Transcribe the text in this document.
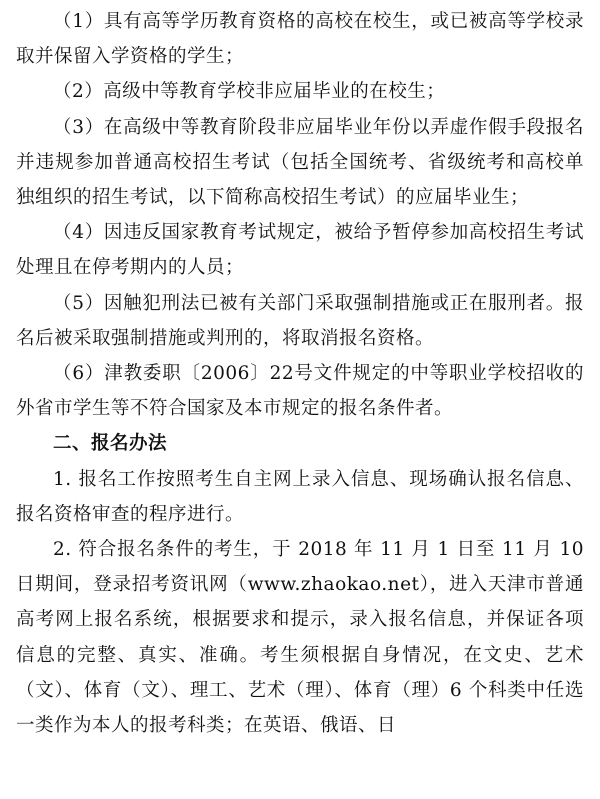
（1）具有高等学历教育资格的高校在校生，或已被高等学校录取并保留入学资格的学生；

（2）高级中等教育学校非应届毕业的在校生；

（3）在高级中等教育阶段非应届毕业年份以弄虚作假手段报名并违规参加普通高校招生考试（包括全国统考、省级统考和高校单独组织的招生考试，以下简称高校招生考试）的应届毕业生；

（4）因违反国家教育考试规定，被给予暂停参加高校招生考试处理且在停考期内的人员；

（5）因触犯刑法已被有关部门采取强制措施或正在服刑者。报名后被采取强制措施或判刑的，将取消报名资格。

（6）津教委职〔2006〕22号文件规定的中等职业学校招收的外省市学生等不符合国家及本市规定的报名条件者。

二、报名办法

1. 报名工作按照考生自主网上录入信息、现场确认报名信息、报名资格审查的程序进行。

2. 符合报名条件的考生，于 2018 年 11 月 1 日至 11 月 10 日期间，登录招考资讯网（www.zhaokao.net），进入天津市普通高考网上报名系统，根据要求和提示，录入报名信息，并保证各项信息的完整、真实、准确。考生须根据自身情况，在文史、艺术（文）、体育（文）、理工、艺术（理）、体育（理）6 个科类中任选一类作为本人的报考科类；在英语、俄语、日
